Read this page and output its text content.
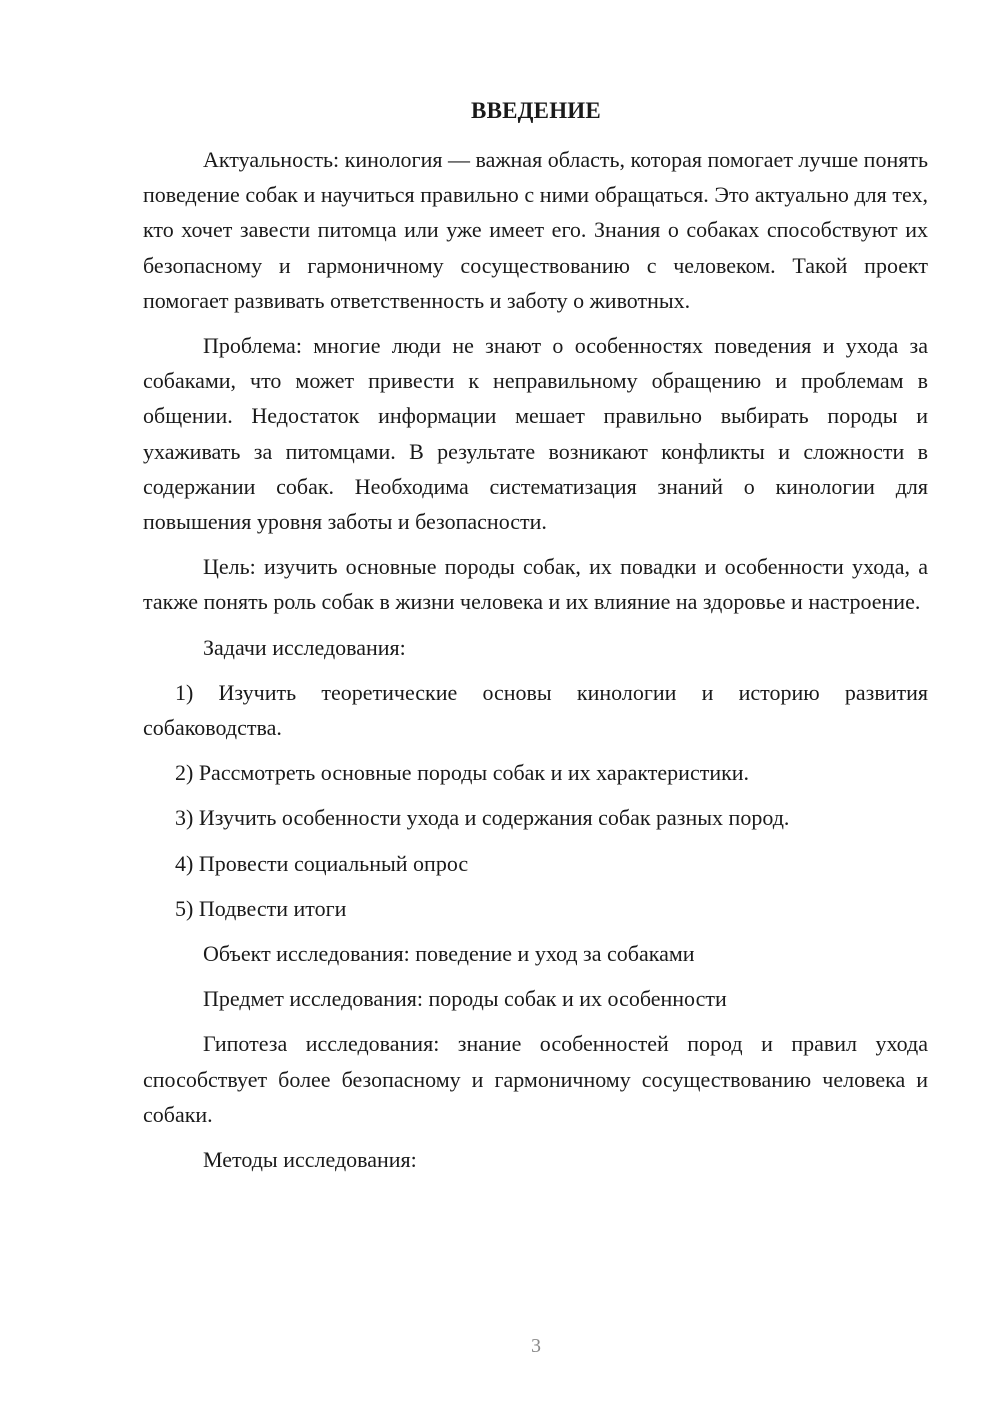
ВВЕДЕНИЕ

Актуальность: кинология — важная область, которая помогает лучше понять поведение собак и научиться правильно с ними обращаться. Это актуально для тех, кто хочет завести питомца или уже имеет его. Знания о собаках способствуют их безопасному и гармоничному сосуществованию с человеком. Такой проект помогает развивать ответственность и заботу о животных.

Проблема: многие люди не знают о особенностях поведения и ухода за собаками, что может привести к неправильному обращению и проблемам в общении. Недостаток информации мешает правильно выбирать породы и ухаживать за питомцами. В результате возникают конфликты и сложности в содержании собак. Необходима систематизация знаний о кинологии для повышения уровня заботы и безопасности.

Цель: изучить основные породы собак, их повадки и особенности ухода, а также понять роль собак в жизни человека и их влияние на здоровье и настроение.

Задачи исследования:

1) Изучить теоретические основы кинологии и историю развития собаководства.

2) Рассмотреть основные породы собак и их характеристики.

3) Изучить особенности ухода и содержания собак разных пород.

4) Провести социальный опрос

5) Подвести итоги

Объект исследования: поведение и уход за собаками

Предмет исследования: породы собак и их особенности

Гипотеза исследования: знание особенностей пород и правил ухода способствует более безопасному и гармоничному сосуществованию человека и собаки.

Методы исследования:

3
